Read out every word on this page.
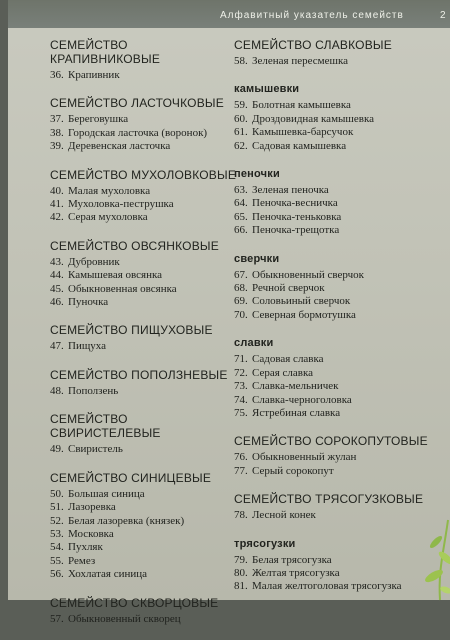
Алфавитный указатель семейств	2
СЕМЕЙСТВО КРАПИВНИКОВЫЕ
36. Крапивник
СЕМЕЙСТВО ЛАСТОЧКОВЫЕ
37. Береговушка
38. Городская ласточка (воронок)
39. Деревенская ласточка
СЕМЕЙСТВО МУХОЛОВКОВЫЕ
40. Малая мухоловка
41. Мухоловка-пеструшка
42. Серая мухоловка
СЕМЕЙСТВО ОВСЯНКОВЫЕ
43. Дубровник
44. Камышевая овсянка
45. Обыкновенная овсянка
46. Пуночка
СЕМЕЙСТВО ПИЩУХОВЫЕ
47. Пищуха
СЕМЕЙСТВО ПОПОЛЗНЕВЫЕ
48. Поползень
СЕМЕЙСТВО СВИРИСТЕЛЕВЫЕ
49. Свиристель
СЕМЕЙСТВО СИНИЦЕВЫЕ
50. Большая синица
51. Лазоревка
52. Белая лазоревка (князек)
53. Московка
54. Пухляк
55. Ремез
56. Хохлатая синица
СЕМЕЙСТВО СКВОРЦОВЫЕ
57. Обыкновенный скворец
СЕМЕЙСТВО СЛАВКОВЫЕ
58. Зеленая пересмешка
камышевки
59. Болотная камышевка
60. Дроздовидная камышевка
61. Камышевка-барсучок
62. Садовая камышевка
пеночки
63. Зеленая пеночка
64. Пеночка-весничка
65. Пеночка-теньковка
66. Пеночка-трещотка
сверчки
67. Обыкновенный сверчок
68. Речной сверчок
69. Соловьиный сверчок
70. Северная бормотушка
славки
71. Садовая славка
72. Серая славка
73. Славка-мельничек
74. Славка-черноголовка
75. Ястребиная славка
СЕМЕЙСТВО СОРОКОПУТОВЫЕ
76. Обыкновенный жулан
77. Серый сорокопут
СЕМЕЙСТВО ТРЯСОГУЗКОВЫЕ
78. Лесной конек
трясогузки
79. Белая трясогузка
80. Желтая трясогузка
81. Малая желтоголовая трясогузка
